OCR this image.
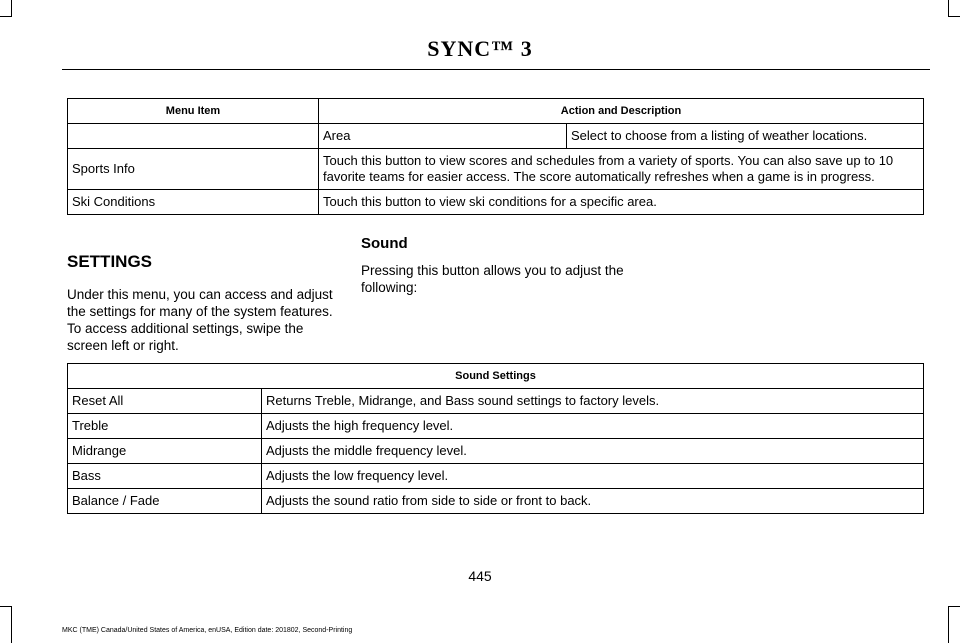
SYNC™ 3
Menu Item	Action and Description	
	Area	Select to choose from a listing of weather locations.
Sports Info	Touch this button to view scores and schedules from a variety of sports. You can also save up to 10 favorite teams for easier access. The score automatically refreshes when a game is in progress.	
Ski Conditions	Touch this button to view ski conditions for a specific area.	
SETTINGS

Under this menu, you can access and adjust the settings for many of the system features. To access additional settings, swipe the screen left or right.

Sound

Pressing this button allows you to adjust the following:

Sound Settings	
Reset All	Returns Treble, Midrange, and Bass sound settings to factory levels.
Treble	Adjusts the high frequency level.
Midrange	Adjusts the middle frequency level.
Bass	Adjusts the low frequency level.
Balance / Fade	Adjusts the sound ratio from side to side or front to back.
445
MKC (TME) Canada/United States of America, enUSA, Edition date: 201802, Second-Printing
